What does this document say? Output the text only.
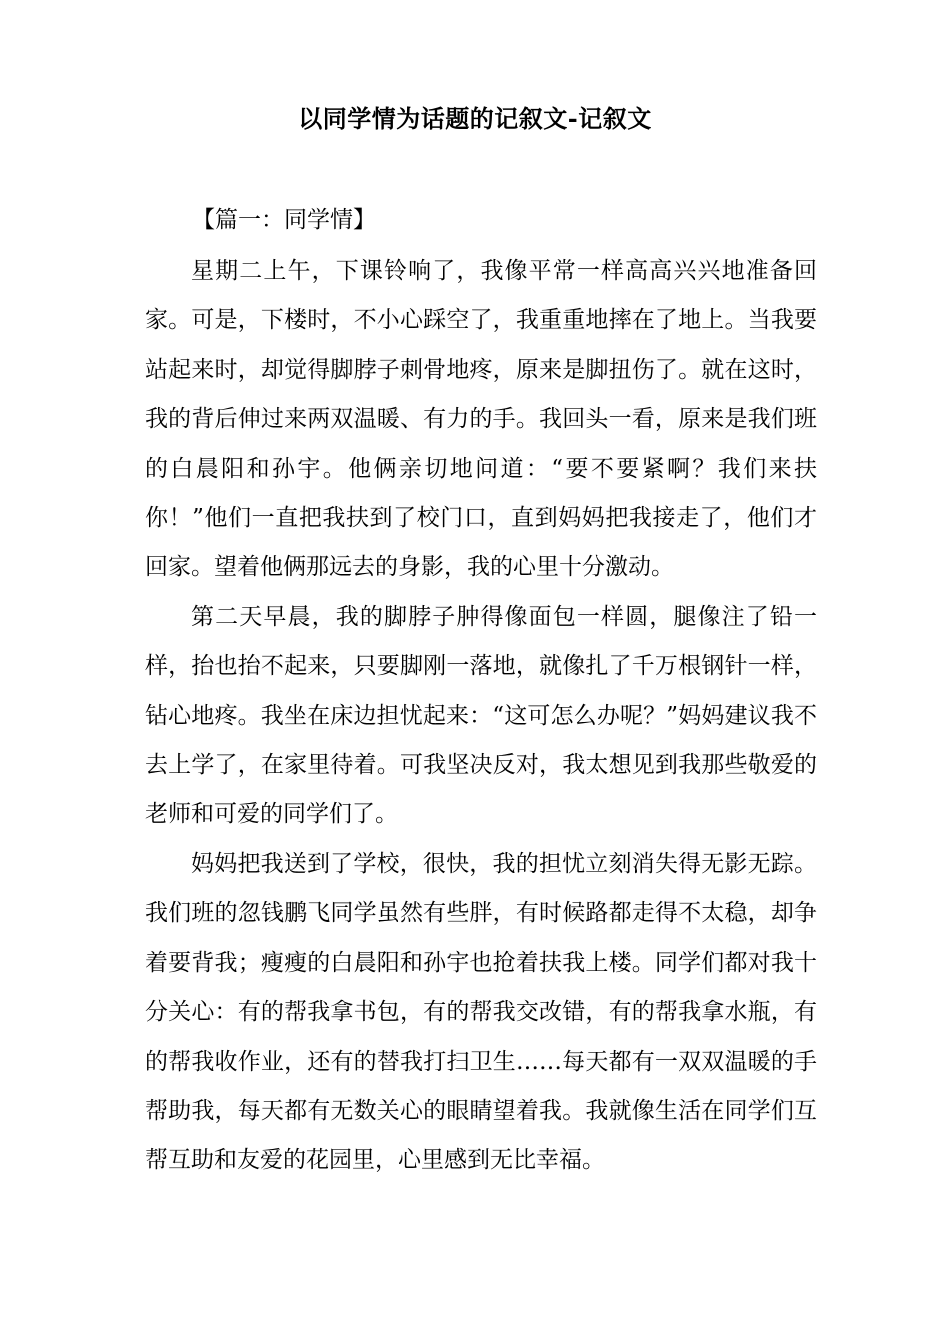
以同学情为话题的记叙文-记叙文
【篇一：同学情】

星期二上午，下课铃响了，我像平常一样高高兴兴地准备回家。可是，下楼时，不小心踩空了，我重重地摔在了地上。当我要站起来时，却觉得脚脖子刺骨地疼，原来是脚扭伤了。就在这时，我的背后伸过来两双温暖、有力的手。我回头一看，原来是我们班的白晨阳和孙宇。他俩亲切地问道：“要不要紧啊？我们来扶你！”他们一直把我扶到了校门口，直到妈妈把我接走了，他们才回家。望着他俩那远去的身影，我的心里十分激动。

第二天早晨，我的脚脖子肿得像面包一样圆，腿像注了铅一样，抬也抬不起来，只要脚刚一落地，就像扎了千万根钢针一样，钻心地疼。我坐在床边担忧起来：“这可怎么办呢？”妈妈建议我不去上学了，在家里待着。可我坚决反对，我太想见到我那些敬爱的老师和可爱的同学们了。

妈妈把我送到了学校，很快，我的担忧立刻消失得无影无踪。我们班的忽钱鹏飞同学虽然有些胖，有时候路都走得不太稳，却争着要背我；瘦瘦的白晨阳和孙宇也抢着扶我上楼。同学们都对我十分关心：有的帮我拿书包，有的帮我交改错，有的帮我拿水瓶，有的帮我收作业，还有的替我打扫卫生……每天都有一双双温暖的手帮助我，每天都有无数关心的眼睛望着我。我就像生活在同学们互帮互助和友爱的花园里，心里感到无比幸福。
